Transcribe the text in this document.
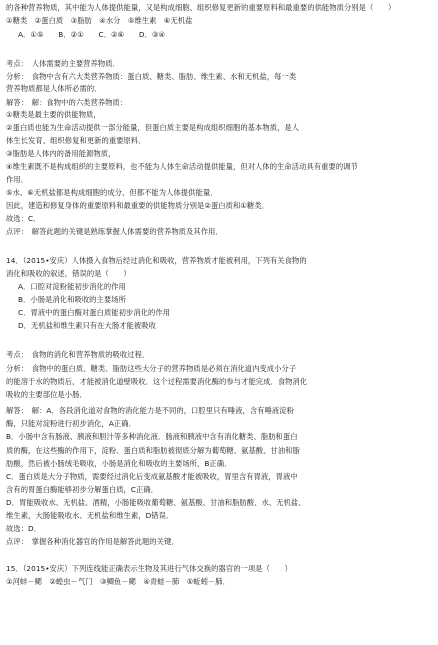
的各种营养物质，其中能为人体提供能量，又是构成细胞、组织修复更新的重要原料和最重要的供能物质分别是（　　）
①糖类　②蛋白质　③脂肪　④水分　⑤维生素　⑥无机盐
A．①⑤　　B．②①　　C．②⑥　　D．③④
考点：　人体需要的主要营养物质．
分析：　食物中含有六大类营养物质：蛋白质、糖类、脂肪、维生素、水和无机盐，每一类
营养物质都是人体所必需的．
解答：　解：食物中的六类营养物质：
①糖类是最主要的供能物质，
②蛋白质也能为生命活动提供一部分能量，但蛋白质主要是构成组织细胞的基本物质，是人
体生长发育、组织修复和更新的重要原料．
③脂肪是人体内的备用能源物质，
④维生素既不是构成组织的主要原料，也不能为人体生命活动提供能量，但对人体的生命活动具有重要的调节
作用．
⑤水、⑥无机盐都是构成细胞的成分，但都不能为人体提供能量．
因此，建造和修复身体的重要原料和最重要的供能物质分别是②蛋白质和①糖类．
故选：C．
点评：　解答此题的关键是熟练掌握人体需要的营养物质及其作用．
14．（2015•安庆）人体摄入食物后经过消化和吸收，营养物质才能被利用，下列有关食物的
消化和吸收的叙述，错误的是（　　）
A．口腔对淀粉能初步消化的作用
B．小肠是消化和吸收的主要场所
C．胃液中的蛋白酶对蛋白质能初步消化的作用
D．无机盐和维生素只有在大肠才能被吸收
考点：　食物的消化和营养物质的吸收过程．
分析：　食物中的蛋白质、糖类、脂肪这些大分子的营养物质是必须在消化道内变成小分子
的能溶于水的物质后，才能被消化道壁吸收．这个过程需要消化酶的参与才能完成．食物消化
吸收的主要部位是小肠．
解答：　解：A．各段消化道对食物的消化能力是不同的，口腔里只有唾液，含有唾液淀粉
酶，只能对淀粉进行初步消化，A正确．
B．小肠中含有肠液、胰液和胆汁等多种消化液．肠液和胰液中含有消化糖类、脂肪和蛋白
质的酶，在这些酶的作用下，淀粉、蛋白质和脂肪被彻底分解为葡萄糖、氨基酸、甘油和脂
肪酸，然后被小肠绒毛吸收，小肠是消化和吸收的主要场所，B正确．
C．蛋白质是大分子物质，需要经过消化后变成氨基酸才能被吸收，胃里含有胃液，胃液中
含有的胃蛋白酶能够初步分解蛋白质，C正确．
D．胃能吸收水、无机盐、酒精，小肠能吸收葡萄糖、氨基酸、甘油和脂肪酸、水、无机盐、
维生素，大肠能吸收水、无机盐和维生素，D错误．
故选：D．
点评：　掌握各种消化器官的作用是解答此题的关键．
15．（2015•安庆）下列连线能正确表示生物及其进行气体交换的器官的一项是（　　）
①河蚌－鳃　②蝗虫－气门　③鲫鱼－鳃　④青蛙－肺　⑤蚯蚓－肺．
